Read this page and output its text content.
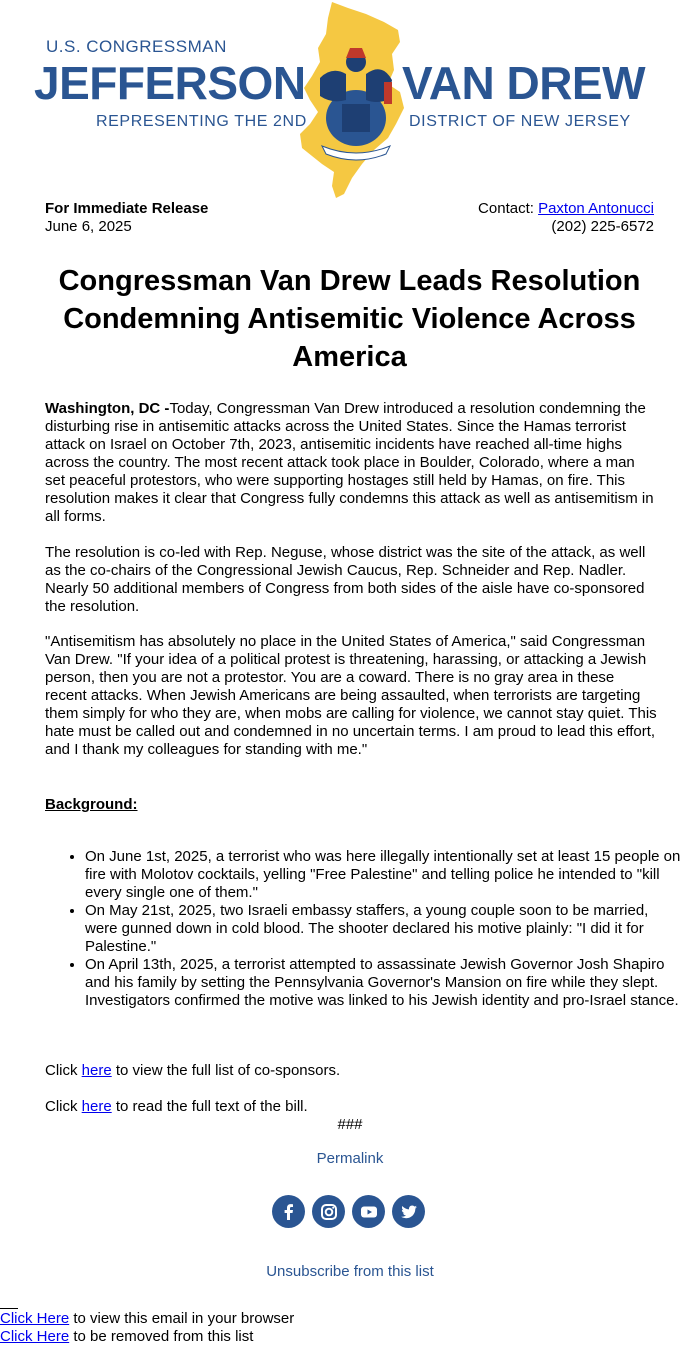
U.S. CONGRESSMAN
JEFFERSON VAN DREW
REPRESENTING THE 2ND	DISTRICT OF NEW JERSEY
For Immediate Release
June 6, 2025
Contact: Paxton Antonucci
(202) 225-6572
Congressman Van Drew Leads Resolution Condemning Antisemitic Violence Across America

Washington, DC -Today, Congressman Van Drew introduced a resolution condemning the disturbing rise in antisemitic attacks across the United States. Since the Hamas terrorist attack on Israel on October 7th, 2023, antisemitic incidents have reached all-time highs across the country. The most recent attack took place in Boulder, Colorado, where a man set peaceful protestors, who were supporting hostages still held by Hamas, on fire. This resolution makes it clear that Congress fully condemns this attack as well as antisemitism in all forms.

The resolution is co-led with Rep. Neguse, whose district was the site of the attack, as well as the co-chairs of the Congressional Jewish Caucus, Rep. Schneider and Rep. Nadler. Nearly 50 additional members of Congress from both sides of the aisle have co-sponsored the resolution.

"Antisemitism has absolutely no place in the United States of America," said Congressman Van Drew. "If your idea of a political protest is threatening, harassing, or attacking a Jewish person, then you are not a protestor. You are a coward. There is no gray area in these recent attacks. When Jewish Americans are being assaulted, when terrorists are targeting them simply for who they are, when mobs are calling for violence, we cannot stay quiet. This hate must be called out and condemned in no uncertain terms. I am proud to lead this effort, and I thank my colleagues for standing with me."

Background:

• On June 1st, 2025, a terrorist who was here illegally intentionally set at least 15 people on fire with Molotov cocktails, yelling "Free Palestine" and telling police he intended to "kill every single one of them."
• On May 21st, 2025, two Israeli embassy staffers, a young couple soon to be married, were gunned down in cold blood. The shooter declared his motive plainly: "I did it for Palestine."
• On April 13th, 2025, a terrorist attempted to assassinate Jewish Governor Josh Shapiro and his family by setting the Pennsylvania Governor's Mansion on fire while they slept. Investigators confirmed the motive was linked to his Jewish identity and pro-Israel stance.

Click here to view the full list of co-sponsors.

Click here to read the full text of the bill.

###
Permalink
Unsubscribe from this list
Click Here to view this email in your browser
Click Here to be removed from this list
